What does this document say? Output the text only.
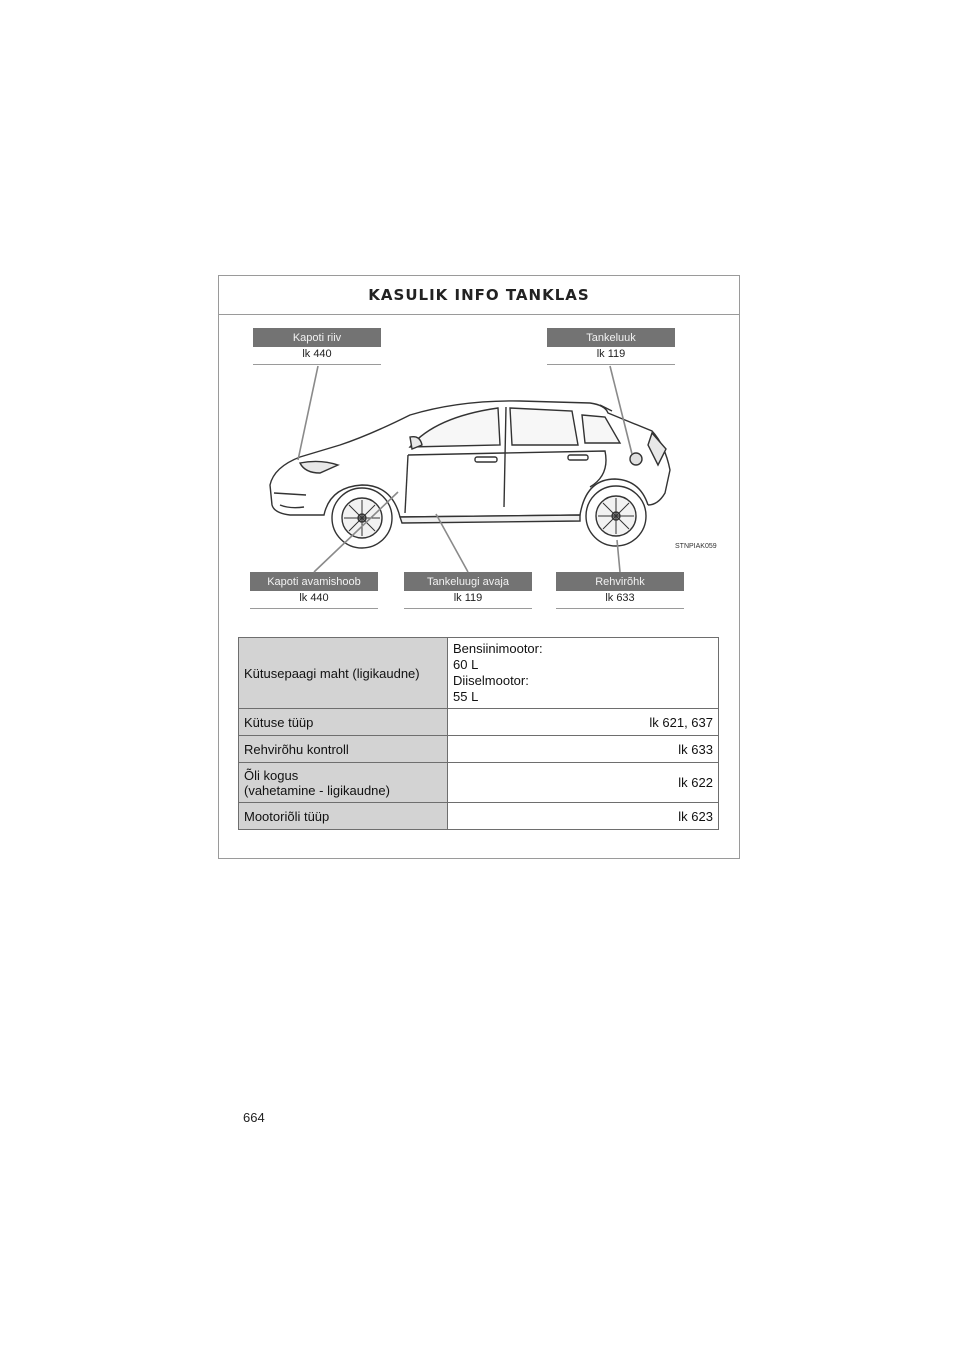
KASULIK INFO TANKLAS
Kapoti riiv
lk 440
Tankeluuk
lk 119
Kapoti avamishoob
lk 440
Tankeluugi avaja
lk 119
Rehvirõhk
lk 633
STNPIAK059
Kütusepaagi maht (ligikaudne)	Bensiinimootor:
60 L
Diiselmootor:
55 L

Kütuse tüüp	lk 621, 637
Rehvirõhu kontroll	lk 633

Õli kogus
(vahetamine - ligikaudne)	lk 622
Mootoriõli tüüp	lk 623
664
